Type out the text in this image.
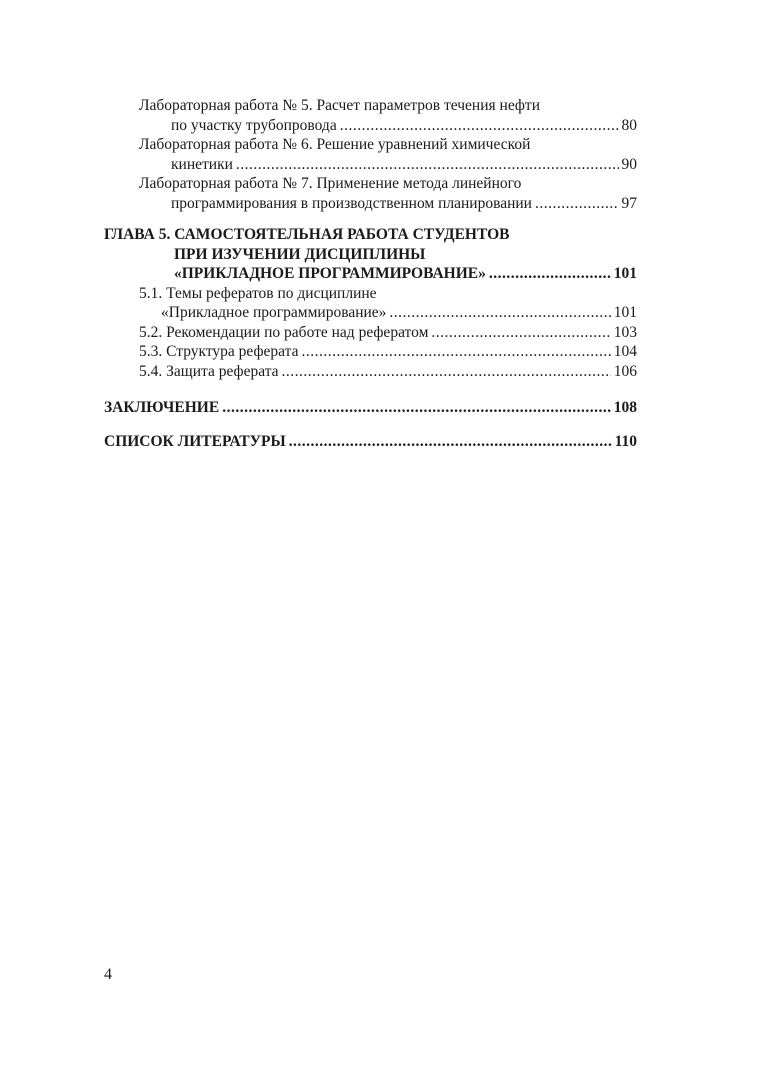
Лабораторная работа № 5. Расчет параметров течения нефти
по участку трубопровода .....	80
Лабораторная работа № 6. Решение уравнений химической
кинетики .....	90
Лабораторная работа № 7. Применение метода линейного
программирования в производственном планировании .....	97
ГЛАВА 5. САМОСТОЯТЕЛЬНАЯ РАБОТА СТУДЕНТОВ
ПРИ ИЗУЧЕНИИ ДИСЦИПЛИНЫ
«ПРИКЛАДНОЕ ПРОГРАММИРОВАНИЕ» .....	101
5.1. Темы рефератов по дисциплине
«Прикладное программирование» .....	101
5.2. Рекомендации по работе над рефератом .....	103
5.3. Структура реферата .....	104
5.4. Защита реферата .....	106
ЗАКЛЮЧЕНИЕ .....	108
СПИСОК ЛИТЕРАТУРЫ .....	110
4
